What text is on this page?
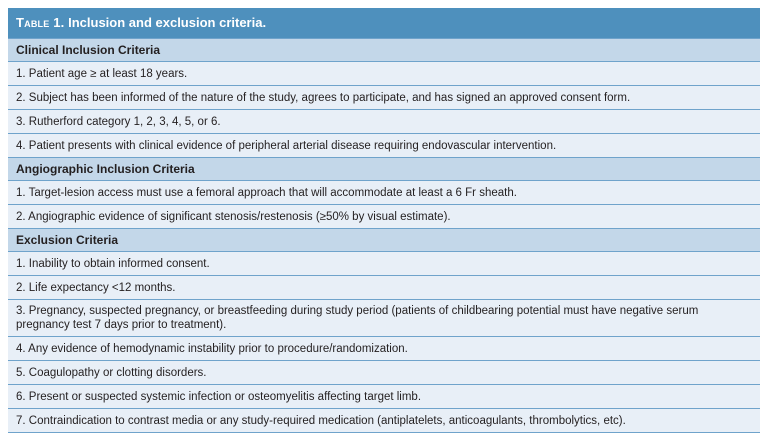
Table 1. Inclusion and exclusion criteria.
Clinical Inclusion Criteria
1. Patient age ≥ at least 18 years.
2. Subject has been informed of the nature of the study, agrees to participate, and has signed an approved consent form.
3. Rutherford category 1, 2, 3, 4, 5, or 6.
4. Patient presents with clinical evidence of peripheral arterial disease requiring endovascular intervention.
Angiographic Inclusion Criteria
1. Target-lesion access must use a femoral approach that will accommodate at least a 6 Fr sheath.
2. Angiographic evidence of significant stenosis/restenosis (≥50% by visual estimate).
Exclusion Criteria
1. Inability to obtain informed consent.
2. Life expectancy <12 months.
3. Pregnancy, suspected pregnancy, or breastfeeding during study period (patients of childbearing potential must have negative serum pregnancy test 7 days prior to treatment).
4. Any evidence of hemodynamic instability prior to procedure/randomization.
5. Coagulopathy or clotting disorders.
6. Present or suspected systemic infection or osteomyelitis affecting target limb.
7. Contraindication to contrast media or any study-required medication (antiplatelets, anticoagulants, thrombolytics, etc).
